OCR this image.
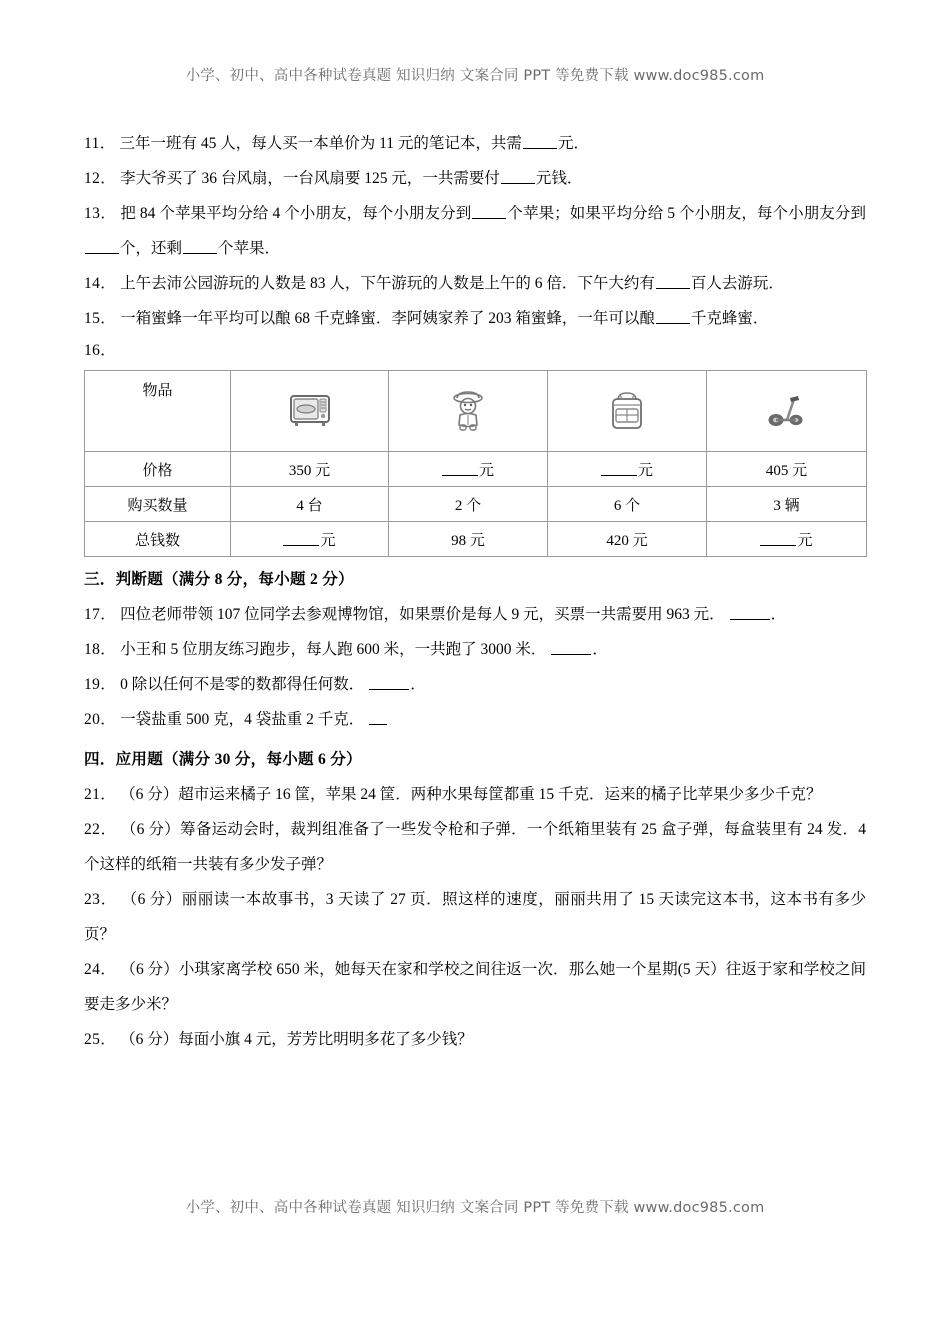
小学、初中、高中各种试卷真题 知识归纳 文案合同 PPT 等免费下载 www.doc985.com

11． 三年一班有 45 人，每人买一本单价为 11 元的笔记本，共需 元．

12． 李大爷买了 36 台风扇，一台风扇要 125 元，一共需要付 元钱．

13． 把 84 个苹果平均分给 4 个小朋友，每个小朋友分到 个苹果；如果平均分给 5 个小朋友，每个小朋友分到个，还剩 个苹果．

14． 上午去沛公园游玩的人数是 83 人，下午游玩的人数是上午的 6 倍．下午大约有 百人去游玩．

15． 一箱蜜蜂一年平均可以酿 68 千克蜂蜜．李阿姨家养了 203 箱蜜蜂，一年可以酿 千克蜂蜜．

16．

物品	

价格	350 元	元	元	405 元
购买数量	4 台	2 个	6 个	3 辆
总钱数	元	98 元	420 元	元

三．判断题（满分 8 分，每小题 2 分）

17． 四位老师带领 107 位同学去参观博物馆，如果票价是每人 9 元，买票一共需要用 963 元．	．

18． 小王和 5 位朋友练习跑步，每人跑 600 米，一共跑了 3000 米．	．

19． 0 除以任何不是零的数都得任何数．	．

20． 一袋盐重 500 克，4 袋盐重 2 千克．

四．应用题（满分 30 分，每小题 6 分）

21． （6 分）超市运来橘子 16 筐，苹果 24 筐．两种水果每筐都重 15 千克．运来的橘子比苹果少多少千克？

22． （6 分）筹备运动会时，裁判组准备了一些发令枪和子弹．一个纸箱里装有 25 盒子弹，每盒装里有 24 发．4 个这样的纸箱一共装有多少发子弹？

23． （6 分）丽丽读一本故事书，3 天读了 27 页．照这样的速度，丽丽共用了 15 天读完这本书，这本书有多少页？

24． （6 分）小琪家离学校 650 米，她每天在家和学校之间往返一次．那么她一个星期(5 天）往返于家和学校之间要走多少米？

25． （6 分）每面小旗 4 元，芳芳比明明多花了多少钱？

小学、初中、高中各种试卷真题 知识归纳 文案合同 PPT 等免费下载 www.doc985.com
